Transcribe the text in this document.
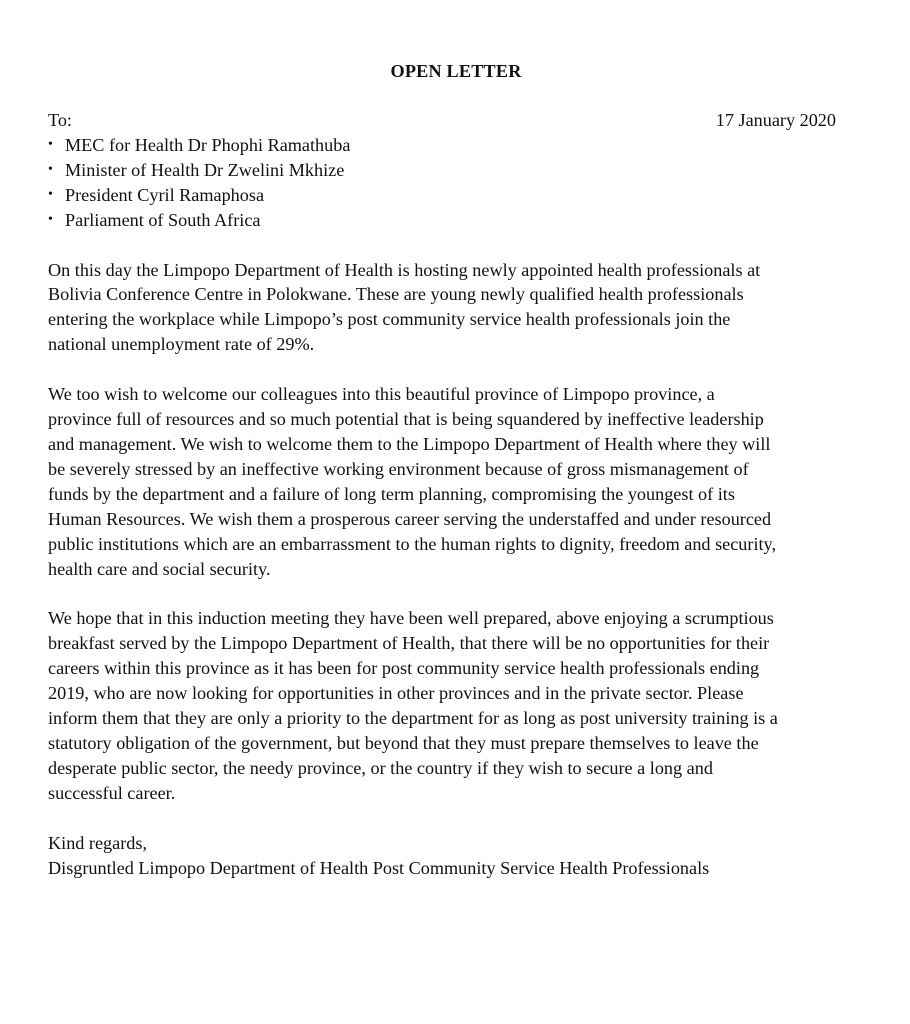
OPEN LETTER
To:	17 January 2020
• MEC for Health Dr Phophi Ramathuba
• Minister of Health Dr Zwelini Mkhize
• President Cyril Ramaphosa
• Parliament of South Africa

On this day the Limpopo Department of Health is hosting newly appointed health professionals at
Bolivia Conference Centre in Polokwane. These are young newly qualified health professionals
entering the workplace while Limpopo’s post community service health professionals join the
national unemployment rate of 29%.

We too wish to welcome our colleagues into this beautiful province of Limpopo province, a
province full of resources and so much potential that is being squandered by ineffective leadership
and management. We wish to welcome them to the Limpopo Department of Health where they will
be severely stressed by an ineffective working environment because of gross mismanagement of
funds by the department and a failure of long term planning, compromising the youngest of its
Human Resources. We wish them a prosperous career serving the understaffed and under resourced
public institutions which are an embarrassment to the human rights to dignity, freedom and security,
health care and social security.

We hope that in this induction meeting they have been well prepared, above enjoying a scrumptious
breakfast served by the Limpopo Department of Health, that there will be no opportunities for their
careers within this province as it has been for post community service health professionals ending
2019, who are now looking for opportunities in other provinces and in the private sector. Please
inform them that they are only a priority to the department for as long as post university training is a
statutory obligation of the government, but beyond that they must prepare themselves to leave the
desperate public sector, the needy province, or the country if they wish to secure a long and
successful career.

Kind regards,
Disgruntled Limpopo Department of Health Post Community Service Health Professionals
